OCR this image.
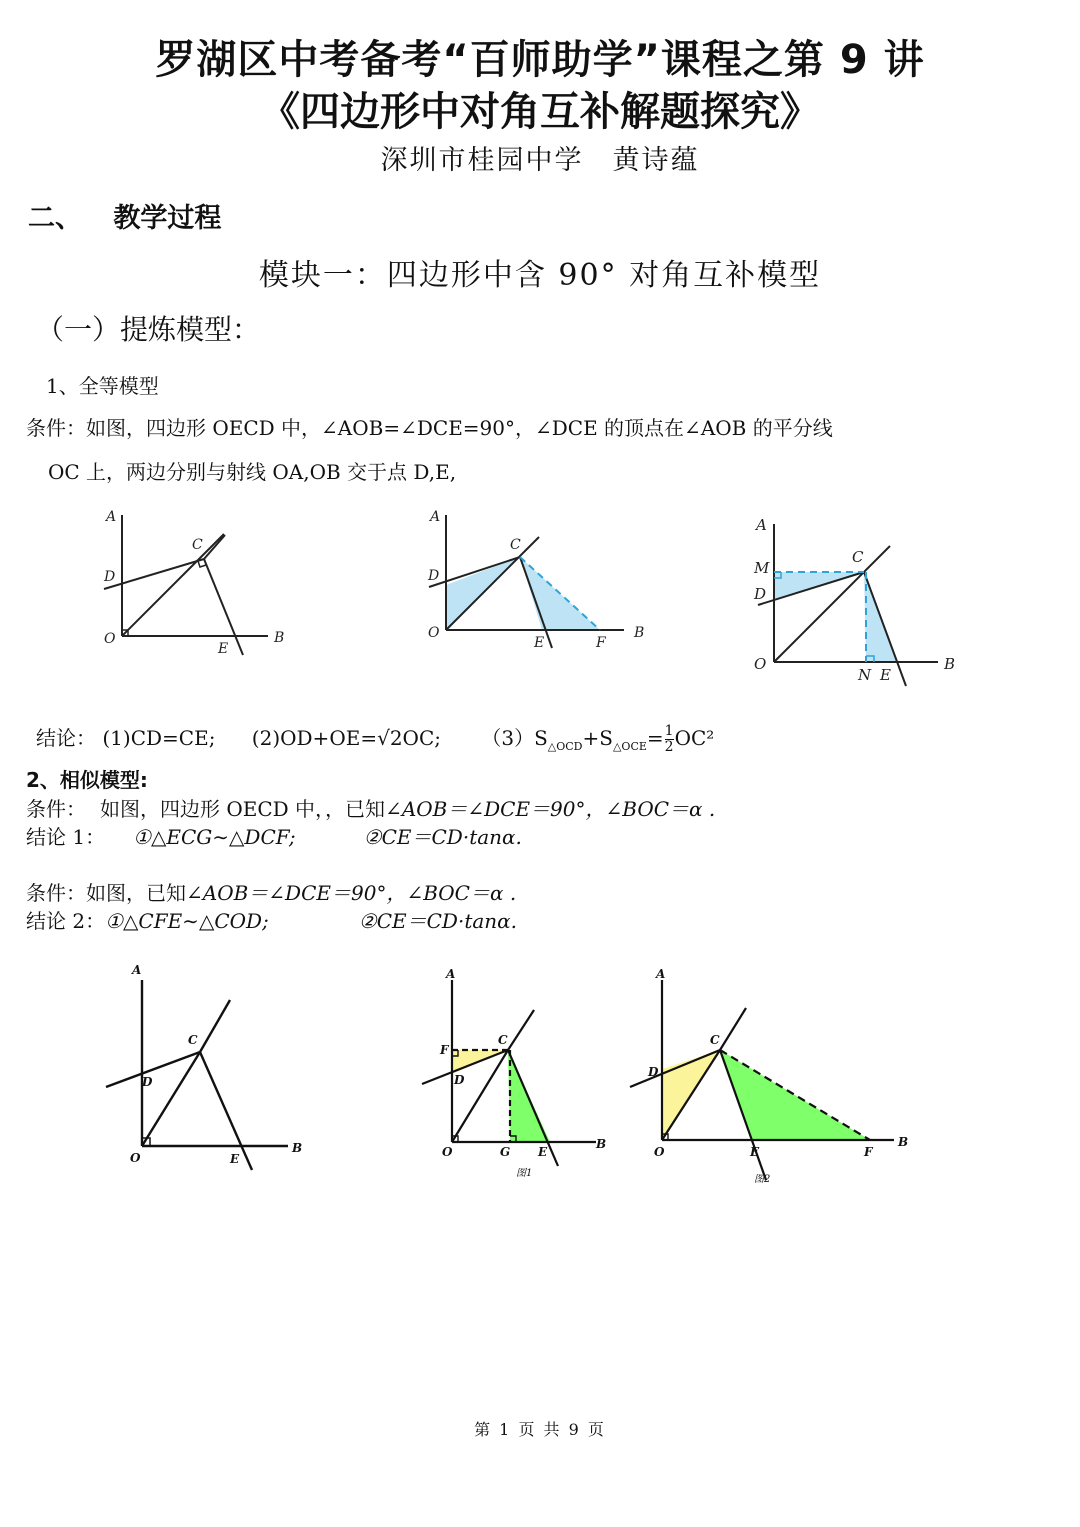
罗湖区中考备考“百师助学”课程之第 9 讲
《四边形中对角互补解题探究》
深圳市桂园中学　黄诗蕴
二、 教学过程
模块一：四边形中含 90° 对角互补模型
（一）提炼模型：
1、全等模型
条件：如图，四边形 OECD 中，∠AOB=∠DCE=90°，∠DCE 的顶点在∠AOB 的平分线
OC 上，两边分别与射线 OA,OB 交于点 D,E,
A
C
D
O	B
E
A
C
D
O	B
E	F
A
C
M
D
O	B
N E
结论： (1)CD=CE; (2)OD+OE=√2OC; $(3)S_{\triangle OCD}+S_{\triangle OCE}= \frac{1}{2} OC^2$
2、相似模型:
条件： 如图，四边形 OECD 中，，已知∠AOB＝∠DCE＝90°，∠BOC＝α .
结论 1： ①△ECG∼△DCF;	②CE＝CD·tanα.
条件：如图，已知∠AOB＝∠DCE＝90°，∠BOC＝α .
结论 2：①△CFE∼△COD;	②CE＝CD·tanα.
A
C
D
O
B
E
A
C
F
D
O	G E
B
图1
A
C
D
O	E	F
B
图2
第 1 页 共 9 页
